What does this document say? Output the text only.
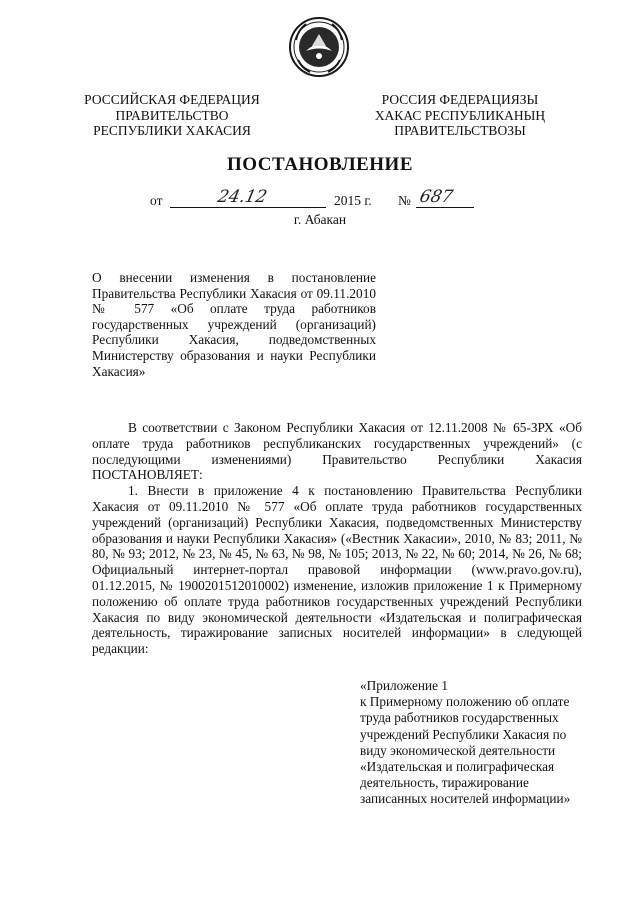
РОССИЙСКАЯ ФЕДЕРАЦИЯ
ПРАВИТЕЛЬСТВО
РЕСПУБЛИКИ ХАКАСИЯ
РОССИЯ ФЕДЕРАЦИЯЗЫ
ХАКАС РЕСПУБЛИКАНЫҢ
ПРАВИТЕЛЬСТВОЗЫ
ПОСТАНОВЛЕНИЕ
от	24.12	2015 г. № 687
г. Абакан
О внесении изменения в постановление Правительства Республики Хакасия от 09.11.2010 № 577 «Об оплате труда работников государственных учреждений (организаций) Республики Хакасия, подведомственных Министерству образования и науки Республики Хакасия»

В соответствии с Законом Республики Хакасия от 12.11.2008 № 65-ЗРХ «Об оплате труда работников республиканских государственных учреждений» (с последующими изменениями) Правительство Республики Хакасия ПОСТАНОВЛЯЕТ:

1. Внести в приложение 4 к постановлению Правительства Республики Хакасия от 09.11.2010 № 577 «Об оплате труда работников государственных учреждений (организаций) Республики Хакасия, подведомственных Министерству образования и науки Республики Хакасия» («Вестник Хакасии», 2010, № 83; 2011, № 80, № 93; 2012, № 23, № 45, № 63, № 98, № 105; 2013, № 22, № 60; 2014, № 26, № 68; Официальный интернет-портал правовой информации (www.pravo.gov.ru), 01.12.2015, № 1900201512010002) изменение, изложив приложение 1 к Примерному положению об оплате труда работников государственных учреждений Республики Хакасия по виду экономической деятельности «Издательская и полиграфическая деятельность, тиражирование записных носителей информации» в следующей редакции:

«Приложение 1
к Примерному положению об оплате
труда работников государственных
учреждений Республики Хакасия по
виду экономической деятельности
«Издательская и полиграфическая
деятельность, тиражирование
записанных носителей информации»
